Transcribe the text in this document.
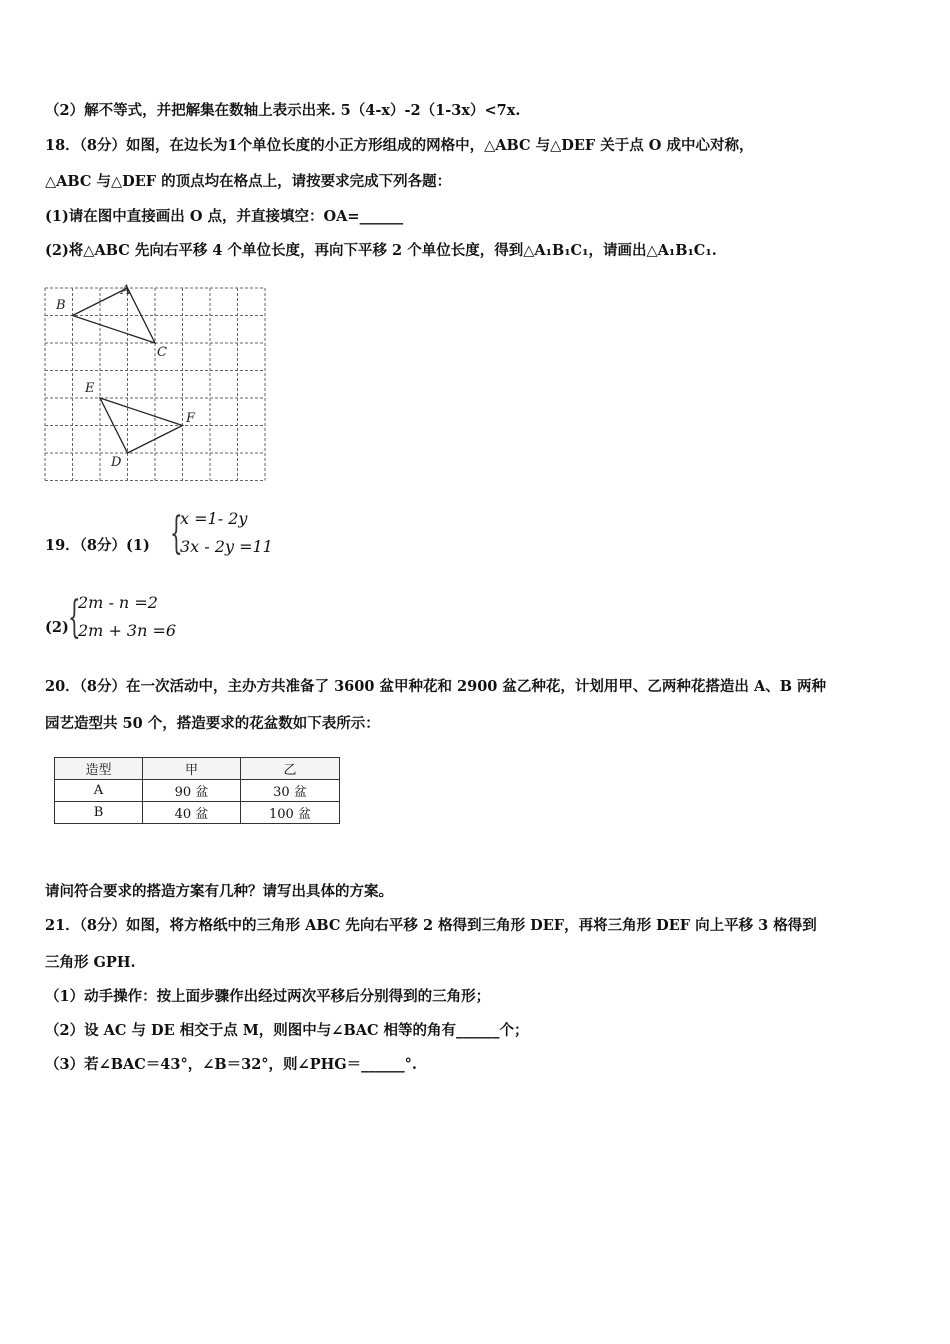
（2）解不等式，并把解集在数轴上表示出来. 5（4-x）-2（1-3x）<7x.
18．（8分）如图，在边长为1个单位长度的小正方形组成的网格中，△ABC 与△DEF 关于点 O 成中心对称，
△ABC 与△DEF 的顶点均在格点上，请按要求完成下列各题：
(1)请在图中直接画出 O 点，并直接填空：OA=______
(2)将△ABC 先向右平移 4 个单位长度，再向下平移 2 个单位长度，得到△A₁B₁C₁，请画出△A₁B₁C₁.
A
B
C
E
F
D
19．（8分）(1) {
x =1- 2y
3x - 2y =11
(2) {
2m - n =2
2m + 3n =6
20．（8分）在一次活动中，主办方共准备了 3600 盆甲种花和 2900 盆乙种花，计划用甲、乙两种花搭造出 A、B 两种
园艺造型共 50 个，搭造要求的花盆数如下表所示：
造型	甲	乙
A	90 盆	30 盆
B	40 盆	100 盆
请问符合要求的搭造方案有几种？请写出具体的方案。
21．（8分）如图，将方格纸中的三角形 ABC 先向右平移 2 格得到三角形 DEF，再将三角形 DEF 向上平移 3 格得到
三角形 GPH.
（1）动手操作：按上面步骤作出经过两次平移后分别得到的三角形；
（2）设 AC 与 DE 相交于点 M，则图中与∠BAC 相等的角有______个；
（3）若∠BAC＝43°，∠B＝32°，则∠PHG＝______°.
